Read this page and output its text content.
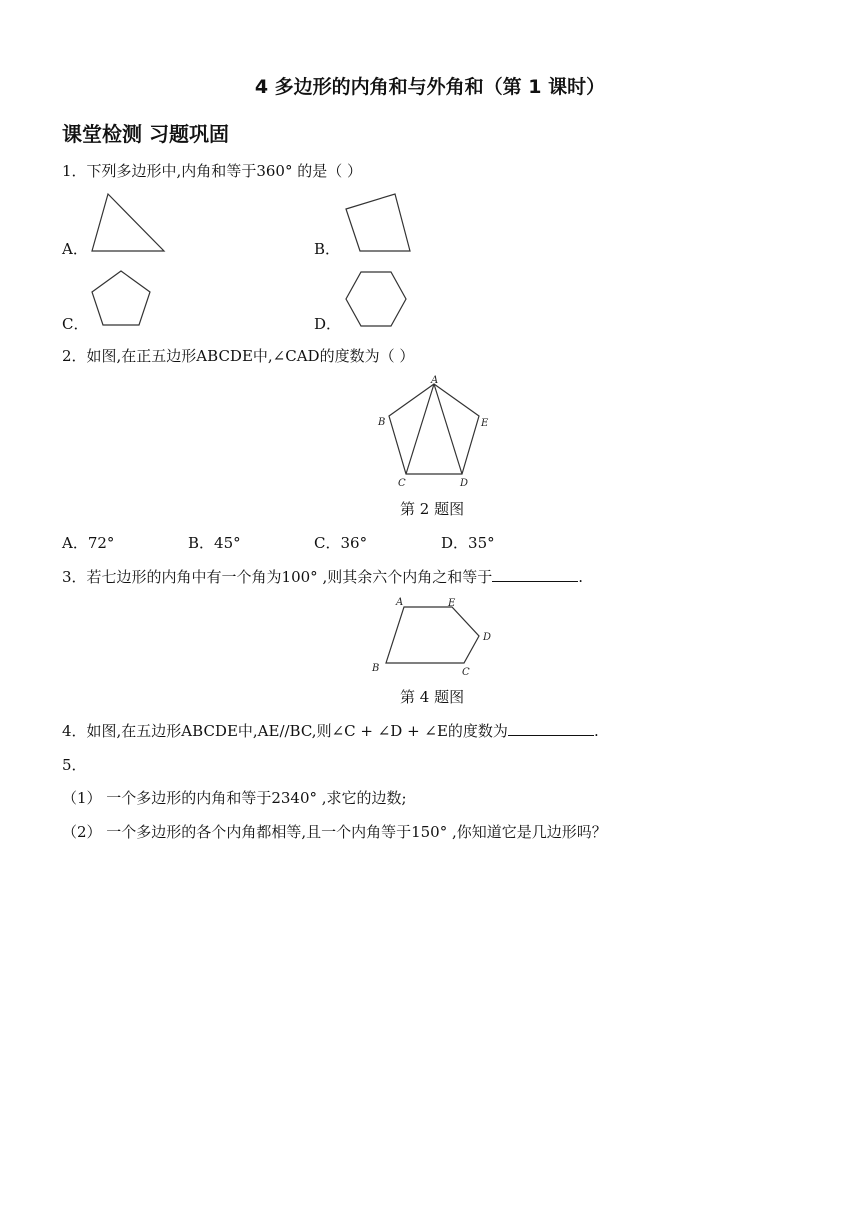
4 多边形的内角和与外角和（第 1 课时）
课堂检测 习题巩固
1．下列多边形中,内角和等于360° 的是（ ）
A．	B．
C．	D．
2．如图,在正五边形ABCDE中,∠CAD的度数为（ ）
A
B
C	D
E
第 2 题图
A．72°	B．45°	C．36°	D．35°
3．若七边形的内角中有一个角为100° ,则其余六个内角之和等于	.
A	E
D
B	C
第 4 题图
4．如图,在五边形ABCDE中,AE//BC,则∠C + ∠D + ∠E的度数为	.
5．
（1） 一个多边形的内角和等于2340° ,求它的边数;
（2） 一个多边形的各个内角都相等,且一个内角等于150° ,你知道它是几边形吗？
